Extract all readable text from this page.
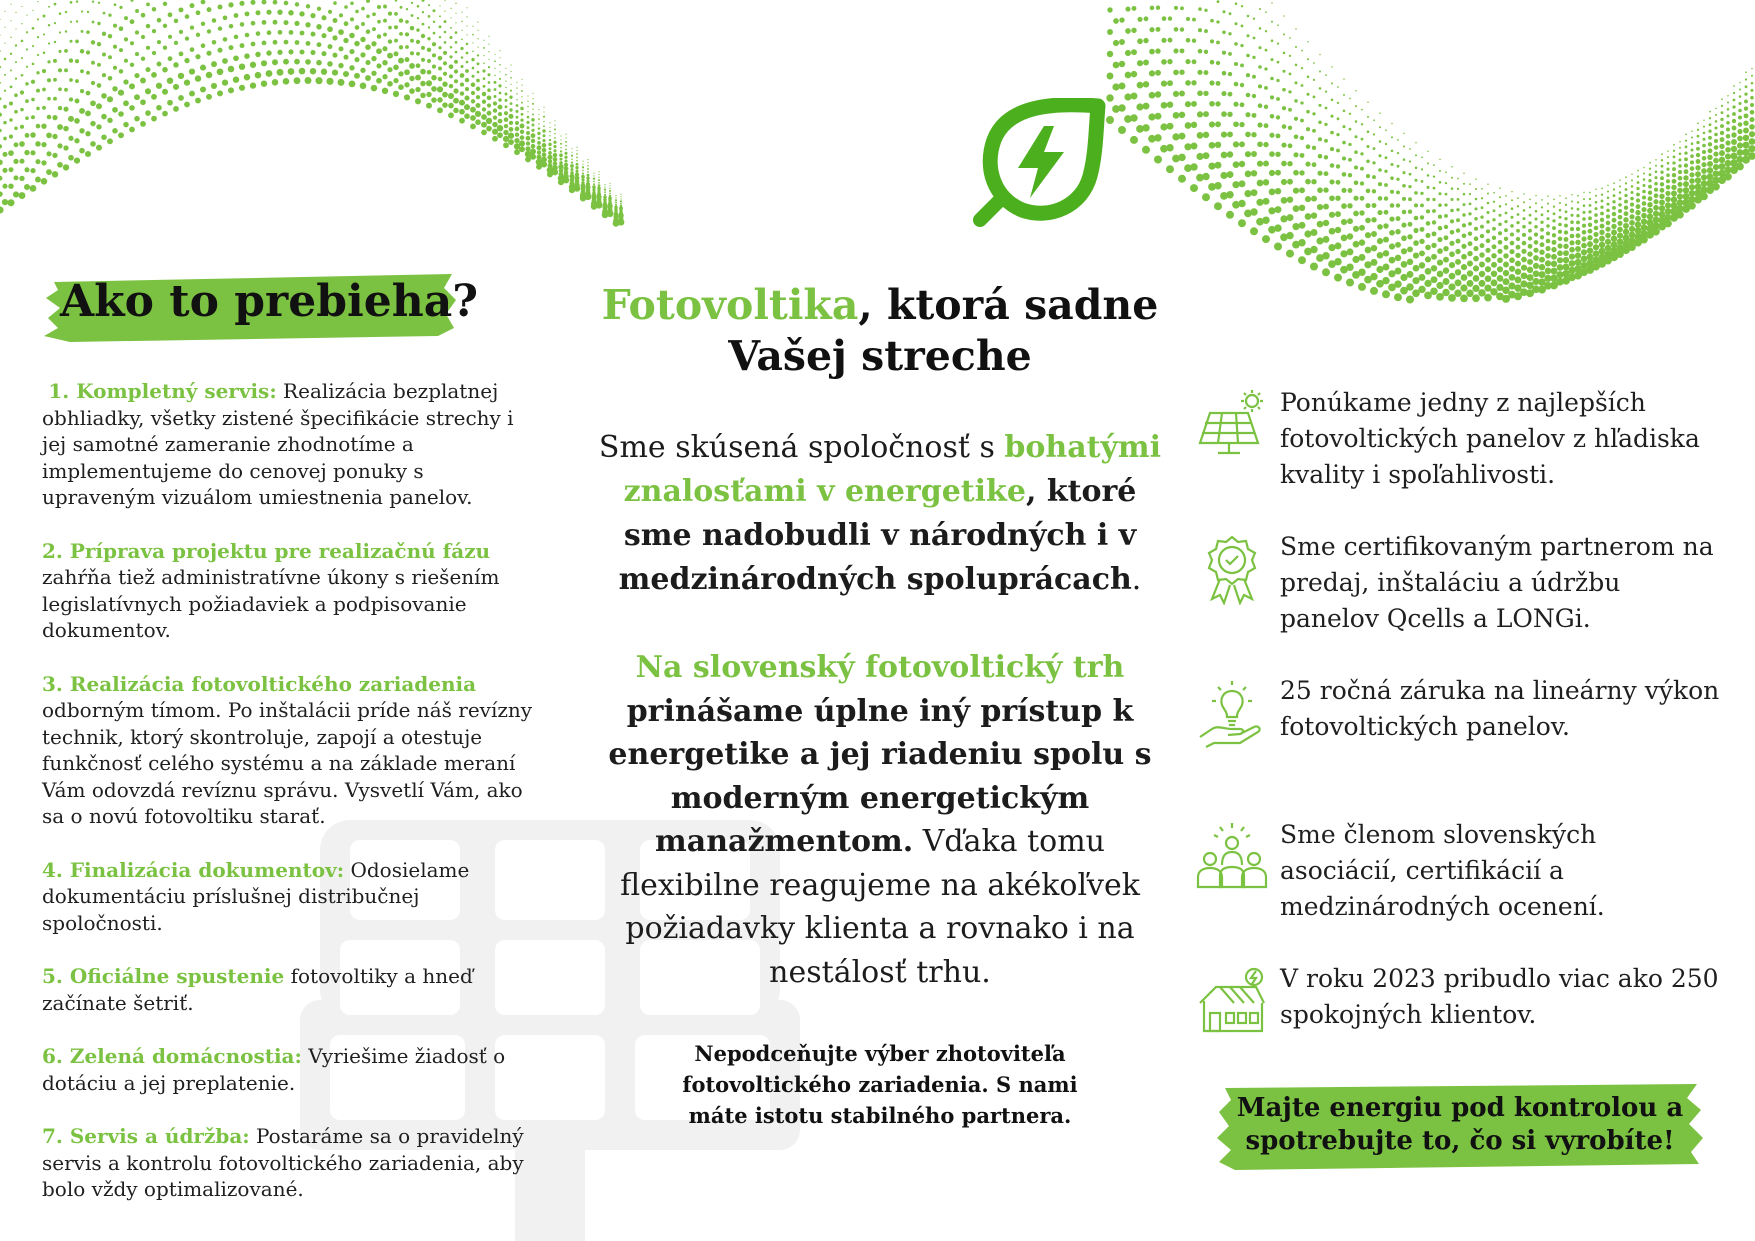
Ako to prebieha?

1. Kompletný servis: Realizácia bezplatnej obhliadky, všetky zistené špecifikácie strechy i jej samotné zameranie zhodnotíme a implementujeme do cenovej ponuky s upraveným vizuálom umiestnenia panelov.

2. Príprava projektu pre realizačnú fázu zahŕňa tiež administratívne úkony s riešením legislatívnych požiadaviek a podpisovanie dokumentov.

3. Realizácia fotovoltického zariadenia odborným tímom. Po inštalácii príde náš revízny technik, ktorý skontroluje, zapojí a otestuje funkčnosť celého systému a na základe meraní Vám odovzdá revíznu správu. Vysvetlí Vám, ako sa o novú fotovoltiku starať.

4. Finalizácia dokumentov: Odosielame dokumentáciu príslušnej distribučnej spoločnosti.

5. Oficiálne spustenie fotovoltiky a hneď začínate šetriť.

6. Zelená domácnostia: Vyriešime žiadosť o dotáciu a jej preplatenie.

7. Servis a údržba: Postaráme sa o pravidelný servis a kontrolu fotovoltického zariadenia, aby bolo vždy optimalizované.

Fotovoltika, ktorá sadne
Vašej streche

Sme skúsená spoločnosť s bohatými znalosťami v energetike, ktoré sme nadobudli v národných i v medzinárodných spoluprácach.

Na slovenský fotovoltický trh prinášame úplne iný prístup k energetike a jej riadeniu spolu s moderným energetickým manažmentom. Vďaka tomu flexibilne reagujeme na akékoľvek požiadavky klienta a rovnako i na nestálosť trhu.

Nepodceňujte výber zhotoviteľa fotovoltického zariadenia. S nami máte istotu stabilného partnera.

Ponúkame jedny z najlepších fotovoltických panelov z hľadiska kvality i spoľahlivosti.
Sme certifikovaným partnerom na predaj, inštaláciu a údržbu panelov Qcells a LONGi.
25 ročná záruka na lineárny výkon fotovoltických panelov.
Sme členom slovenských asociácií, certifikácií a medzinárodných ocenení.
V roku 2023 pribudlo viac ako 250 spokojných klientov.

Majte energiu pod kontrolou a spotrebujte to, čo si vyrobíte!
